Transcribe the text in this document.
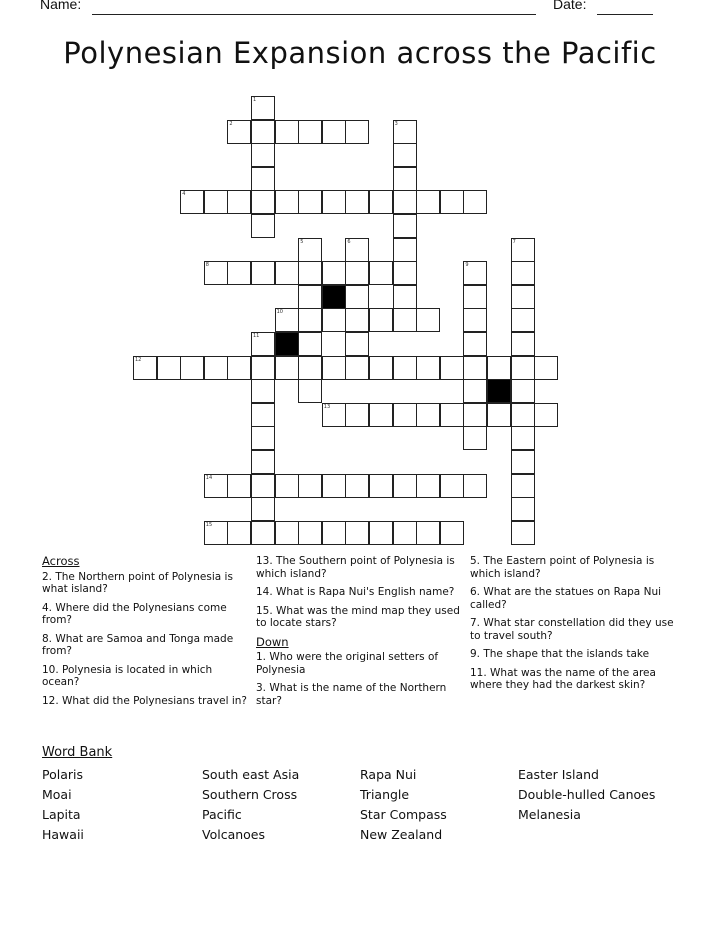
Name:	Date:
Polynesian Expansion across the Pacific
2
4
8
10
12
13
14
15
1
3
5	6
9
7
11
Across
2. The Northern point of Polynesia is what island?
4. Where did the Polynesians come from?
8. What are Samoa and Tonga made from?
10. Polynesia is located in which ocean?
12. What did the Polynesians travel in?
13. The Southern point of Polynesia is which island?
14. What is Rapa Nui's English name?
15. What was the mind map they used to locate stars?
Down
1. Who were the original setters of Polynesia
3. What is the name of the Northern star?
5. The Eastern point of Polynesia is which island?
6. What are the statues on Rapa Nui called?
7. What star constellation did they use to travel south?
9. The shape that the islands take
11. What was the name of the area where they had the darkest skin?
Word Bank
Polaris
Moai
Lapita
Hawaii
South east Asia
Southern Cross
Pacific
Volcanoes
Rapa Nui
Triangle
Star Compass
New Zealand
Easter Island
Double-hulled Canoes
Melanesia
